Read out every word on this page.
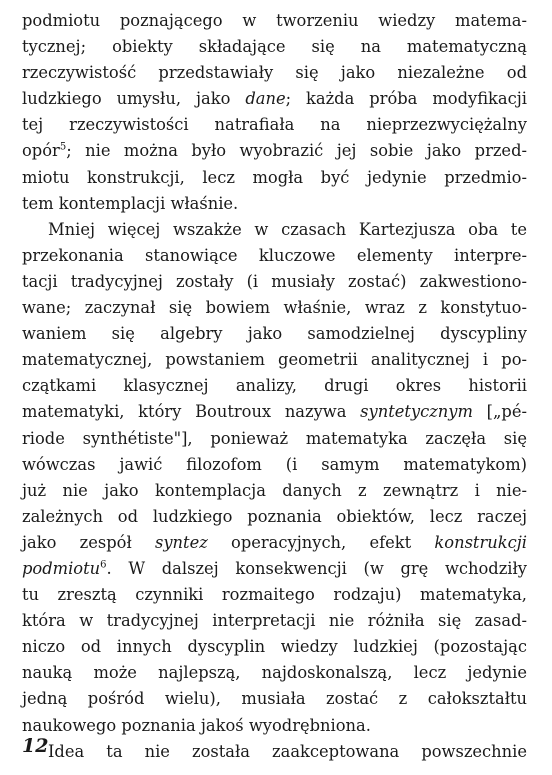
podmiotu poznającego w tworzeniu wiedzy matema-
tycznej; obiekty składające się na matematyczną
rzeczywistość przedstawiały się jako niezależne od
ludzkiego umysłu, jako dane; każda próba modyfikacji
tej rzeczywistości natrafiała na nieprzezwyciężalny
opór$^5$; nie można było wyobrazić jej sobie jako przed-
miotu konstrukcji, lecz mogła być jedynie przedmio-
tem kontemplacji właśnie.
Mniej więcej wszakże w czasach Kartezjusza oba te
przekonania stanowiące kluczowe elementy interpre-
tacji tradycyjnej zostały (i musiały zostać) zakwestiono-
wane; zaczynał się bowiem właśnie, wraz z konstytuo-
waniem się algebry jako samodzielnej dyscypliny
matematycznej, powstaniem geometrii analitycznej i po-
czątkami klasycznej analizy, drugi okres historii
matematyki, który Boutroux nazywa syntetycznym [„pé-
riode synthétiste"], ponieważ matematyka zaczęła się
wówczas jawić filozofom (i samym matematykom)
już nie jako kontemplacja danych z zewnątrz i nie-
zależnych od ludzkiego poznania obiektów, lecz raczej
jako zespół syntez operacyjnych, efekt konstrukcji
podmiotu$^6$. W dalszej konsekwencji (w grę wchodziły
tu zresztą czynniki rozmaitego rodzaju) matematyka,
która w tradycyjnej interpretacji nie różniła się zasad-
niczo od innych dyscyplin wiedzy ludzkiej (pozostając
nauką może najlepszą, najdoskonalszą, lecz jedynie
jedną pośród wielu), musiała zostać z całokształtu
naukowego poznania jakoś wyodrębniona.
Idea ta nie została zaakceptowana powszechnie
12
